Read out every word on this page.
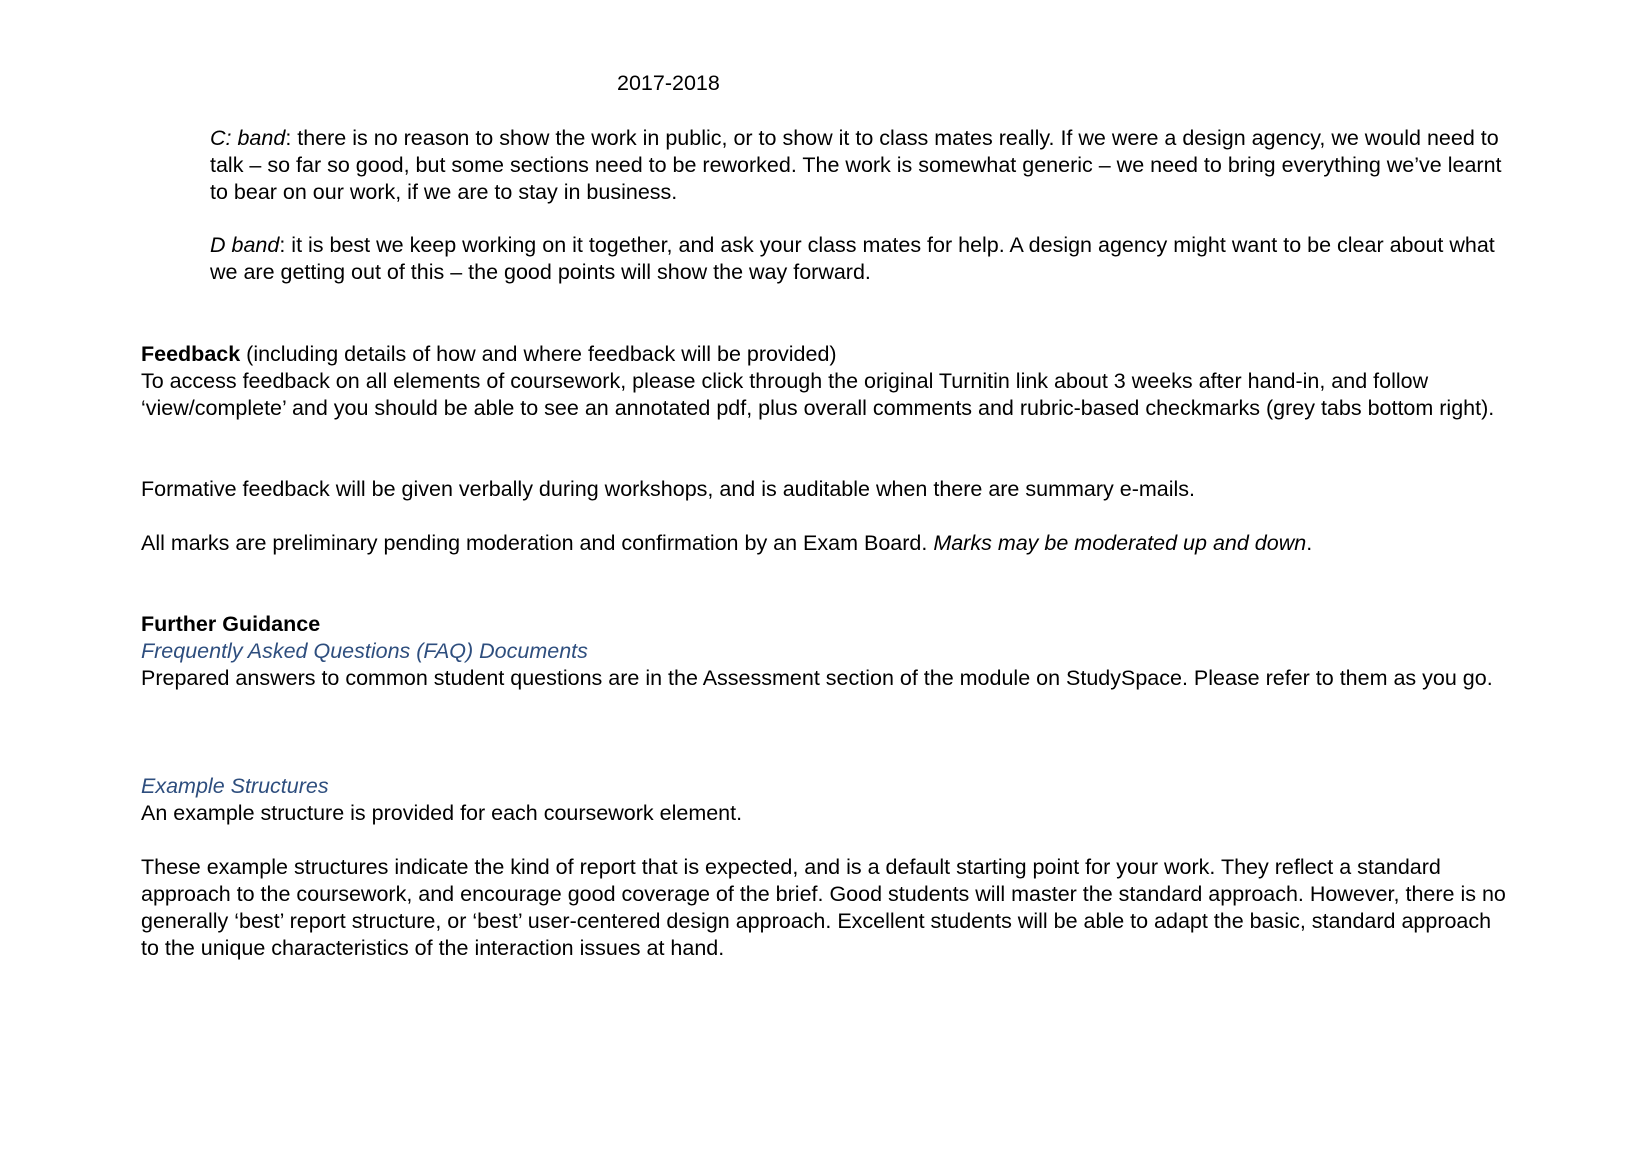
2017-2018

C: band: there is no reason to show the work in public, or to show it to class mates really. If we were a design agency, we would need to talk – so far so good, but some sections need to be reworked. The work is somewhat generic – we need to bring everything we’ve learnt to bear on our work, if we are to stay in business.

D band: it is best we keep working on it together, and ask your class mates for help. A design agency might want to be clear about what we are getting out of this – the good points will show the way forward.

Feedback (including details of how and where feedback will be provided)

To access feedback on all elements of coursework, please click through the original Turnitin link about 3 weeks after hand-in, and follow ‘view/complete’ and you should be able to see an annotated pdf, plus overall comments and rubric-based checkmarks (grey tabs bottom right).

Formative feedback will be given verbally during workshops, and is auditable when there are summary e-mails.

All marks are preliminary pending moderation and confirmation by an Exam Board. Marks may be moderated up and down.

Further Guidance

Frequently Asked Questions (FAQ) Documents

Prepared answers to common student questions are in the Assessment section of the module on StudySpace. Please refer to them as you go.

Example Structures

An example structure is provided for each coursework element.

These example structures indicate the kind of report that is expected, and is a default starting point for your work. They reflect a standard approach to the coursework, and encourage good coverage of the brief. Good students will master the standard approach. However, there is no generally ‘best’ report structure, or ‘best’ user-centered design approach. Excellent students will be able to adapt the basic, standard approach to the unique characteristics of the interaction issues at hand.
